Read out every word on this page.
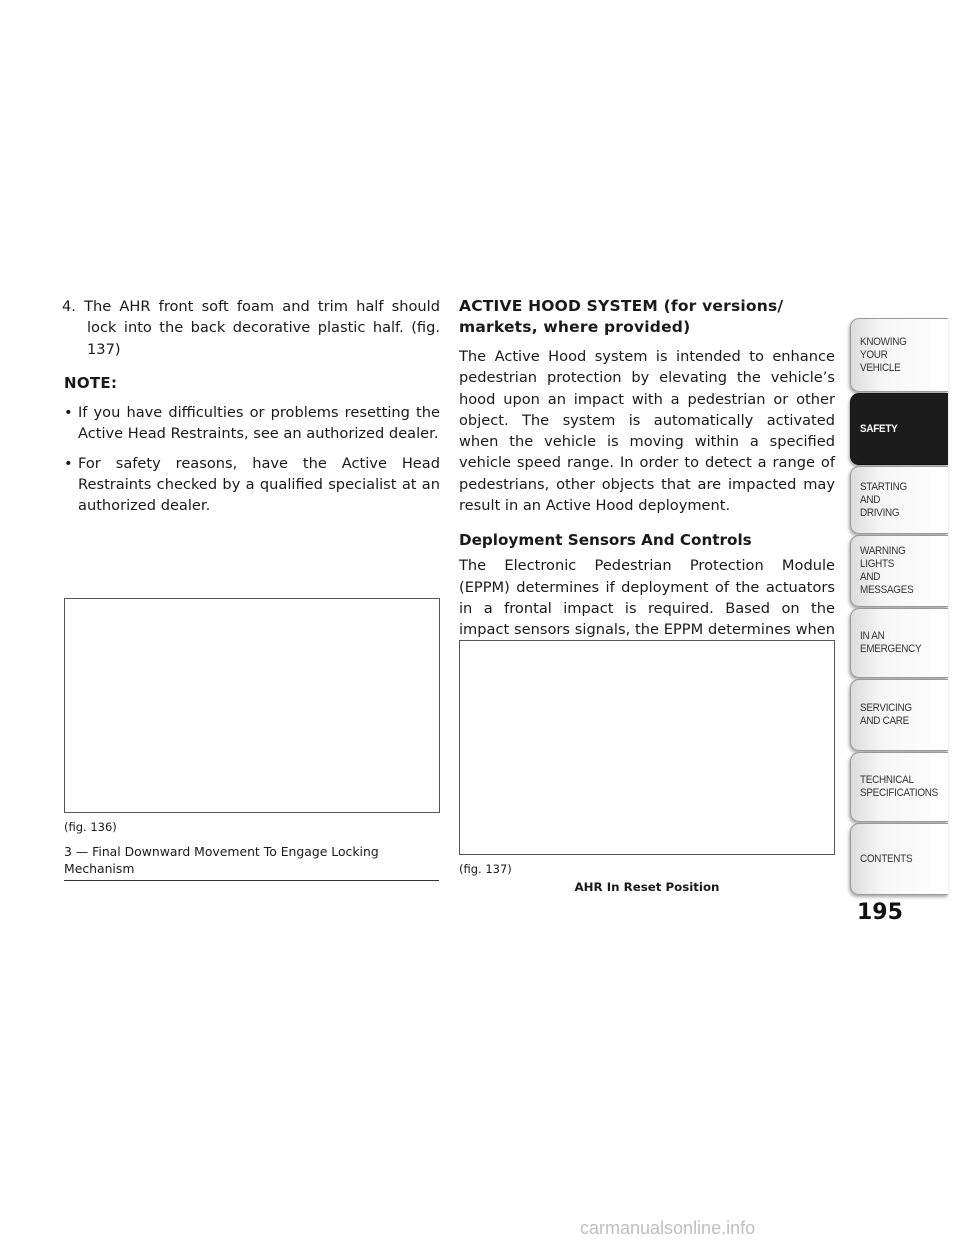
4. The AHR front soft foam and trim half should lock into the back decorative plastic half. (fig. 137)

NOTE:

• If you have difficulties or problems resetting the Active Head Restraints, see an authorized dealer.
• For safety reasons, have the Active Head Restraints checked by a qualified specialist at an authorized dealer.
(fig. 136)
3 — Final Downward Movement To Engage Locking Mechanism
ACTIVE HOOD SYSTEM (for versions/ markets, where provided)

The Active Hood system is intended to enhance pedestrian protection by elevating the vehicle’s hood upon an impact with a pedestrian or other object. The system is automatically activated when the vehicle is moving within a specified vehicle speed range. In order to detect a range of pedestrians, other objects that are impacted may result in an Active Hood deployment.

Deployment Sensors And Controls

The Electronic Pedestrian Protection Module (EPPM) determines if deployment of the actuators in a frontal impact is required. Based on the impact sensors signals, the EPPM determines when

(fig. 137)
AHR In Reset Position
KNOWING
YOUR
VEHICLE
SAFETY
STARTING
AND
DRIVING
WARNING
LIGHTS
AND
MESSAGES
IN AN
EMERGENCY
SERVICING
AND CARE
TECHNICAL
SPECIFICATIONS
CONTENTS
195
carmanualsonline.info
